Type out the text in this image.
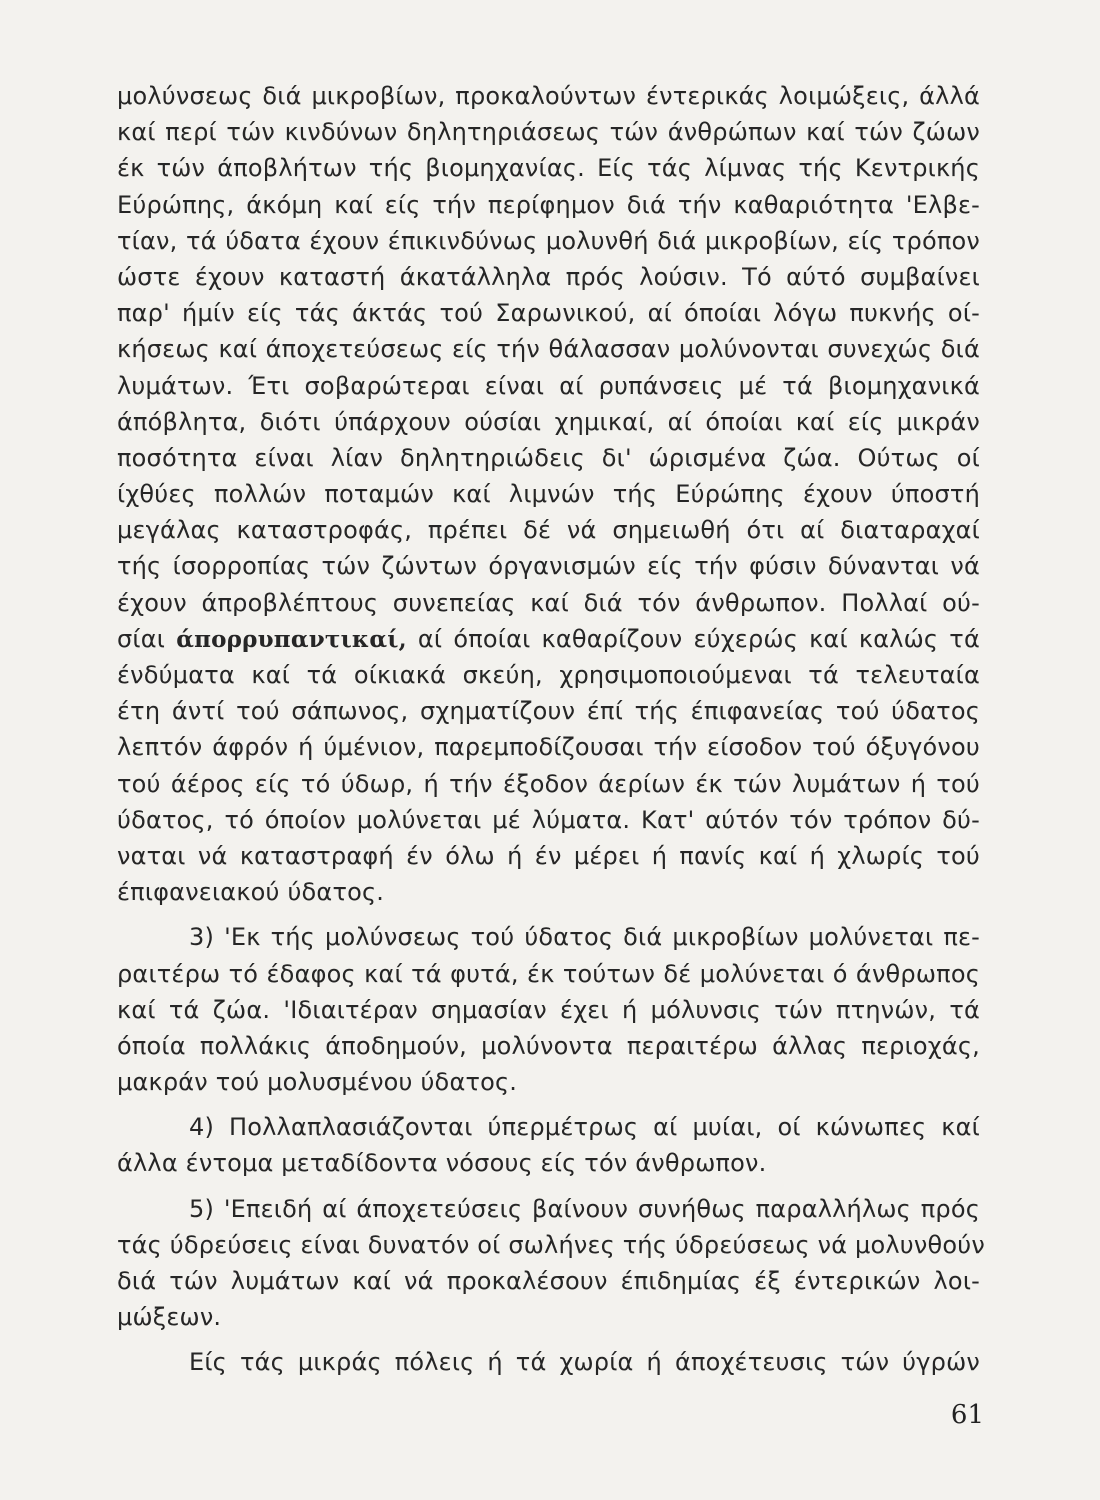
μολύνσεως διά μικροβίων, προκαλούντων έντερικάς λοιμώξεις, άλλά
καί περί τών κινδύνων δηλητηριάσεως τών άνθρώπων καί τών ζώων
έκ τών άποβλήτων τής βιομηχανίας. Είς τάς λίμνας τής Κεντρικής
Εύρώπης, άκόμη καί είς τήν περίφημον διά τήν καθαριότητα 'Ελβε-
τίαν, τά ύδατα έχουν έπικινδύνως μολυνθή διά μικροβίων, είς τρόπον
ώστε έχουν καταστή άκατάλληλα πρός λούσιν. Τό αύτό συμβαίνει
παρ' ήμίν είς τάς άκτάς τού Σαρωνικού, αί όποίαι λόγω πυκνής οί-
κήσεως καί άποχετεύσεως είς τήν θάλασσαν μολύνονται συνεχώς διά
λυμάτων. Έτι σοβαρώτεραι είναι αί ρυπάνσεις μέ τά βιομηχανικά
άπόβλητα, διότι ύπάρχουν ούσίαι χημικαί, αί όποίαι καί είς μικράν
ποσότητα είναι λίαν δηλητηριώδεις δι' ώρισμένα ζώα. Ούτως οί
ίχθύες πολλών ποταμών καί λιμνών τής Εύρώπης έχουν ύποστή
μεγάλας καταστροφάς, πρέπει δέ νά σημειωθή ότι αί διαταραχαί
τής ίσορροπίας τών ζώντων όργανισμών είς τήν φύσιν δύνανται νά
έχουν άπροβλέπτους συνεπείας καί διά τόν άνθρωπον. Πολλαί ού-
σίαι άπορρυπαντικαί, αί όποίαι καθαρίζουν εύχερώς καί καλώς τά
ένδύματα καί τά οίκιακά σκεύη, χρησιμοποιούμεναι τά τελευταία
έτη άντί τού σάπωνος, σχηματίζουν έπί τής έπιφανείας τού ύδατος
λεπτόν άφρόν ή ύμένιον, παρεμποδίζουσαι τήν είσοδον τού όξυγόνου
τού άέρος είς τό ύδωρ, ή τήν έξοδον άερίων έκ τών λυμάτων ή τού
ύδατος, τό όποίον μολύνεται μέ λύματα. Κατ' αύτόν τόν τρόπον δύ-
ναται νά καταστραφή έν όλω ή έν μέρει ή πανίς καί ή χλωρίς τού
έπιφανειακού ύδατος.
3) 'Εκ τής μολύνσεως τού ύδατος διά μικροβίων μολύνεται πε-
ραιτέρω τό έδαφος καί τά φυτά, έκ τούτων δέ μολύνεται ό άνθρωπος
καί τά ζώα. 'Ιδιαιτέραν σημασίαν έχει ή μόλυνσις τών πτηνών, τά
όποία πολλάκις άποδημούν, μολύνοντα περαιτέρω άλλας περιοχάς,
μακράν τού μολυσμένου ύδατος.
4) Πολλαπλασιάζονται ύπερμέτρως αί μυίαι, οί κώνωπες καί
άλλα έντομα μεταδίδοντα νόσους είς τόν άνθρωπον.
5) 'Επειδή αί άποχετεύσεις βαίνουν συνήθως παραλλήλως πρός
τάς ύδρεύσεις είναι δυνατόν οί σωλήνες τής ύδρεύσεως νά μολυνθούν
διά τών λυμάτων καί νά προκαλέσουν έπιδημίας έξ έντερικών λοι-
μώξεων.
Είς τάς μικράς πόλεις ή τά χωρία ή άποχέτευσις τών ύγρών
61
